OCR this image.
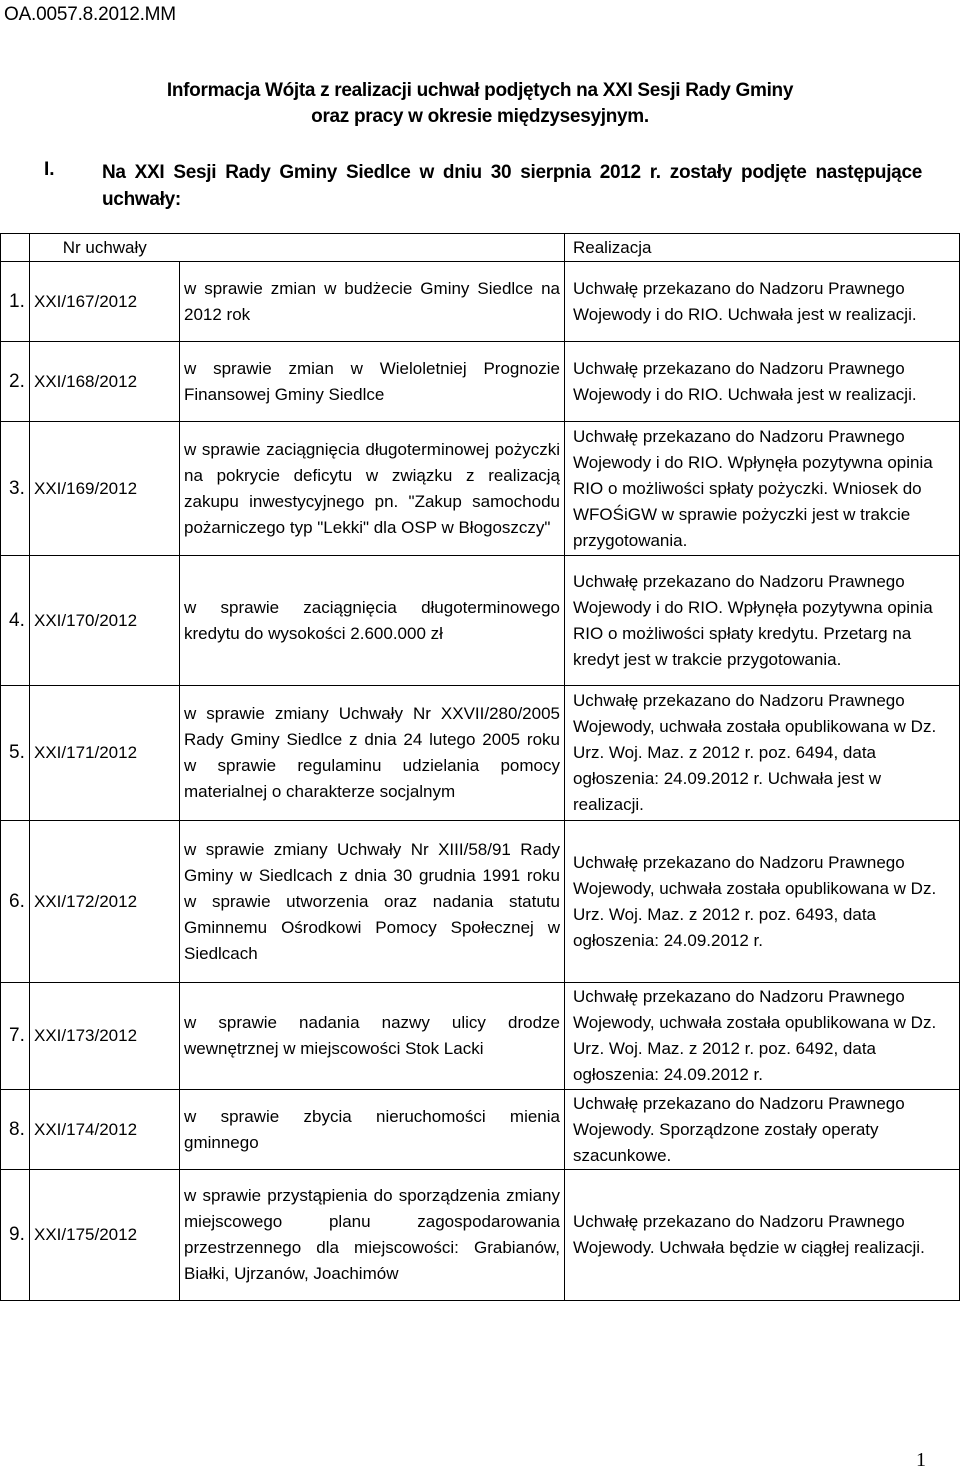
OA.0057.8.2012.MM
Informacja Wójta z realizacji uchwał podjętych na XXI Sesji Rady Gminy
oraz pracy w okresie międzysesyjnym.
I. Na XXI Sesji Rady Gminy Siedlce w dniu 30 sierpnia 2012 r. zostały podjęte następujące uchwały:
	Nr uchwały		Realizacja
1.	XXI/167/2012	w sprawie zmian w budżecie Gminy Siedlce na 2012 rok	Uchwałę przekazano do Nadzoru Prawnego Wojewody i do RIO. Uchwała jest w realizacji.
2.	XXI/168/2012	w sprawie zmian w Wieloletniej Prognozie Finansowej Gminy Siedlce	Uchwałę przekazano do Nadzoru Prawnego Wojewody i do RIO. Uchwała jest w realizacji.
3.	XXI/169/2012	w sprawie zaciągnięcia długoterminowej pożyczki na pokrycie deficytu w związku z realizacją zakupu inwestycyjnego pn. "Zakup samochodu pożarniczego typ "Lekki" dla OSP w Błogoszczy"	Uchwałę przekazano do Nadzoru Prawnego Wojewody i do RIO. Wpłynęła pozytywna opinia RIO o możliwości spłaty pożyczki. Wniosek do WFOŚiGW w sprawie pożyczki jest w trakcie przygotowania.
4.	XXI/170/2012	w sprawie zaciągnięcia długoterminowego kredytu do wysokości 2.600.000 zł	Uchwałę przekazano do Nadzoru Prawnego Wojewody i do RIO. Wpłynęła pozytywna opinia RIO o możliwości spłaty kredytu. Przetarg na kredyt jest w trakcie przygotowania.
5.	XXI/171/2012	w sprawie zmiany Uchwały Nr XXVII/280/2005 Rady Gminy Siedlce z dnia 24 lutego 2005 roku w sprawie regulaminu udzielania pomocy materialnej o charakterze socjalnym	Uchwałę przekazano do Nadzoru Prawnego Wojewody, uchwała została opublikowana w Dz. Urz. Woj. Maz. z 2012 r. poz. 6494, data ogłoszenia: 24.09.2012 r. Uchwała jest w realizacji.
6.	XXI/172/2012	w sprawie zmiany Uchwały Nr XIII/58/91 Rady Gminy w Siedlcach z dnia 30 grudnia 1991 roku w sprawie utworzenia oraz nadania statutu Gminnemu Ośrodkowi Pomocy Społecznej w Siedlcach	Uchwałę przekazano do Nadzoru Prawnego Wojewody, uchwała została opublikowana w Dz. Urz. Woj. Maz. z 2012 r. poz. 6493, data ogłoszenia: 24.09.2012 r.
7.	XXI/173/2012	w sprawie nadania nazwy ulicy drodze wewnętrznej w miejscowości Stok Lacki	Uchwałę przekazano do Nadzoru Prawnego Wojewody, uchwała została opublikowana w Dz. Urz. Woj. Maz. z 2012 r. poz. 6492, data ogłoszenia: 24.09.2012 r.
8.	XXI/174/2012	w sprawie zbycia nieruchomości mienia gminnego	Uchwałę przekazano do Nadzoru Prawnego Wojewody. Sporządzone zostały operaty szacunkowe.
9.	XXI/175/2012	w sprawie przystąpienia do sporządzenia zmiany miejscowego planu zagospodarowania przestrzennego dla miejscowości: Grabianów, Białki, Ujrzanów, Joachimów	Uchwałę przekazano do Nadzoru Prawnego Wojewody. Uchwała będzie w ciągłej realizacji.
1
